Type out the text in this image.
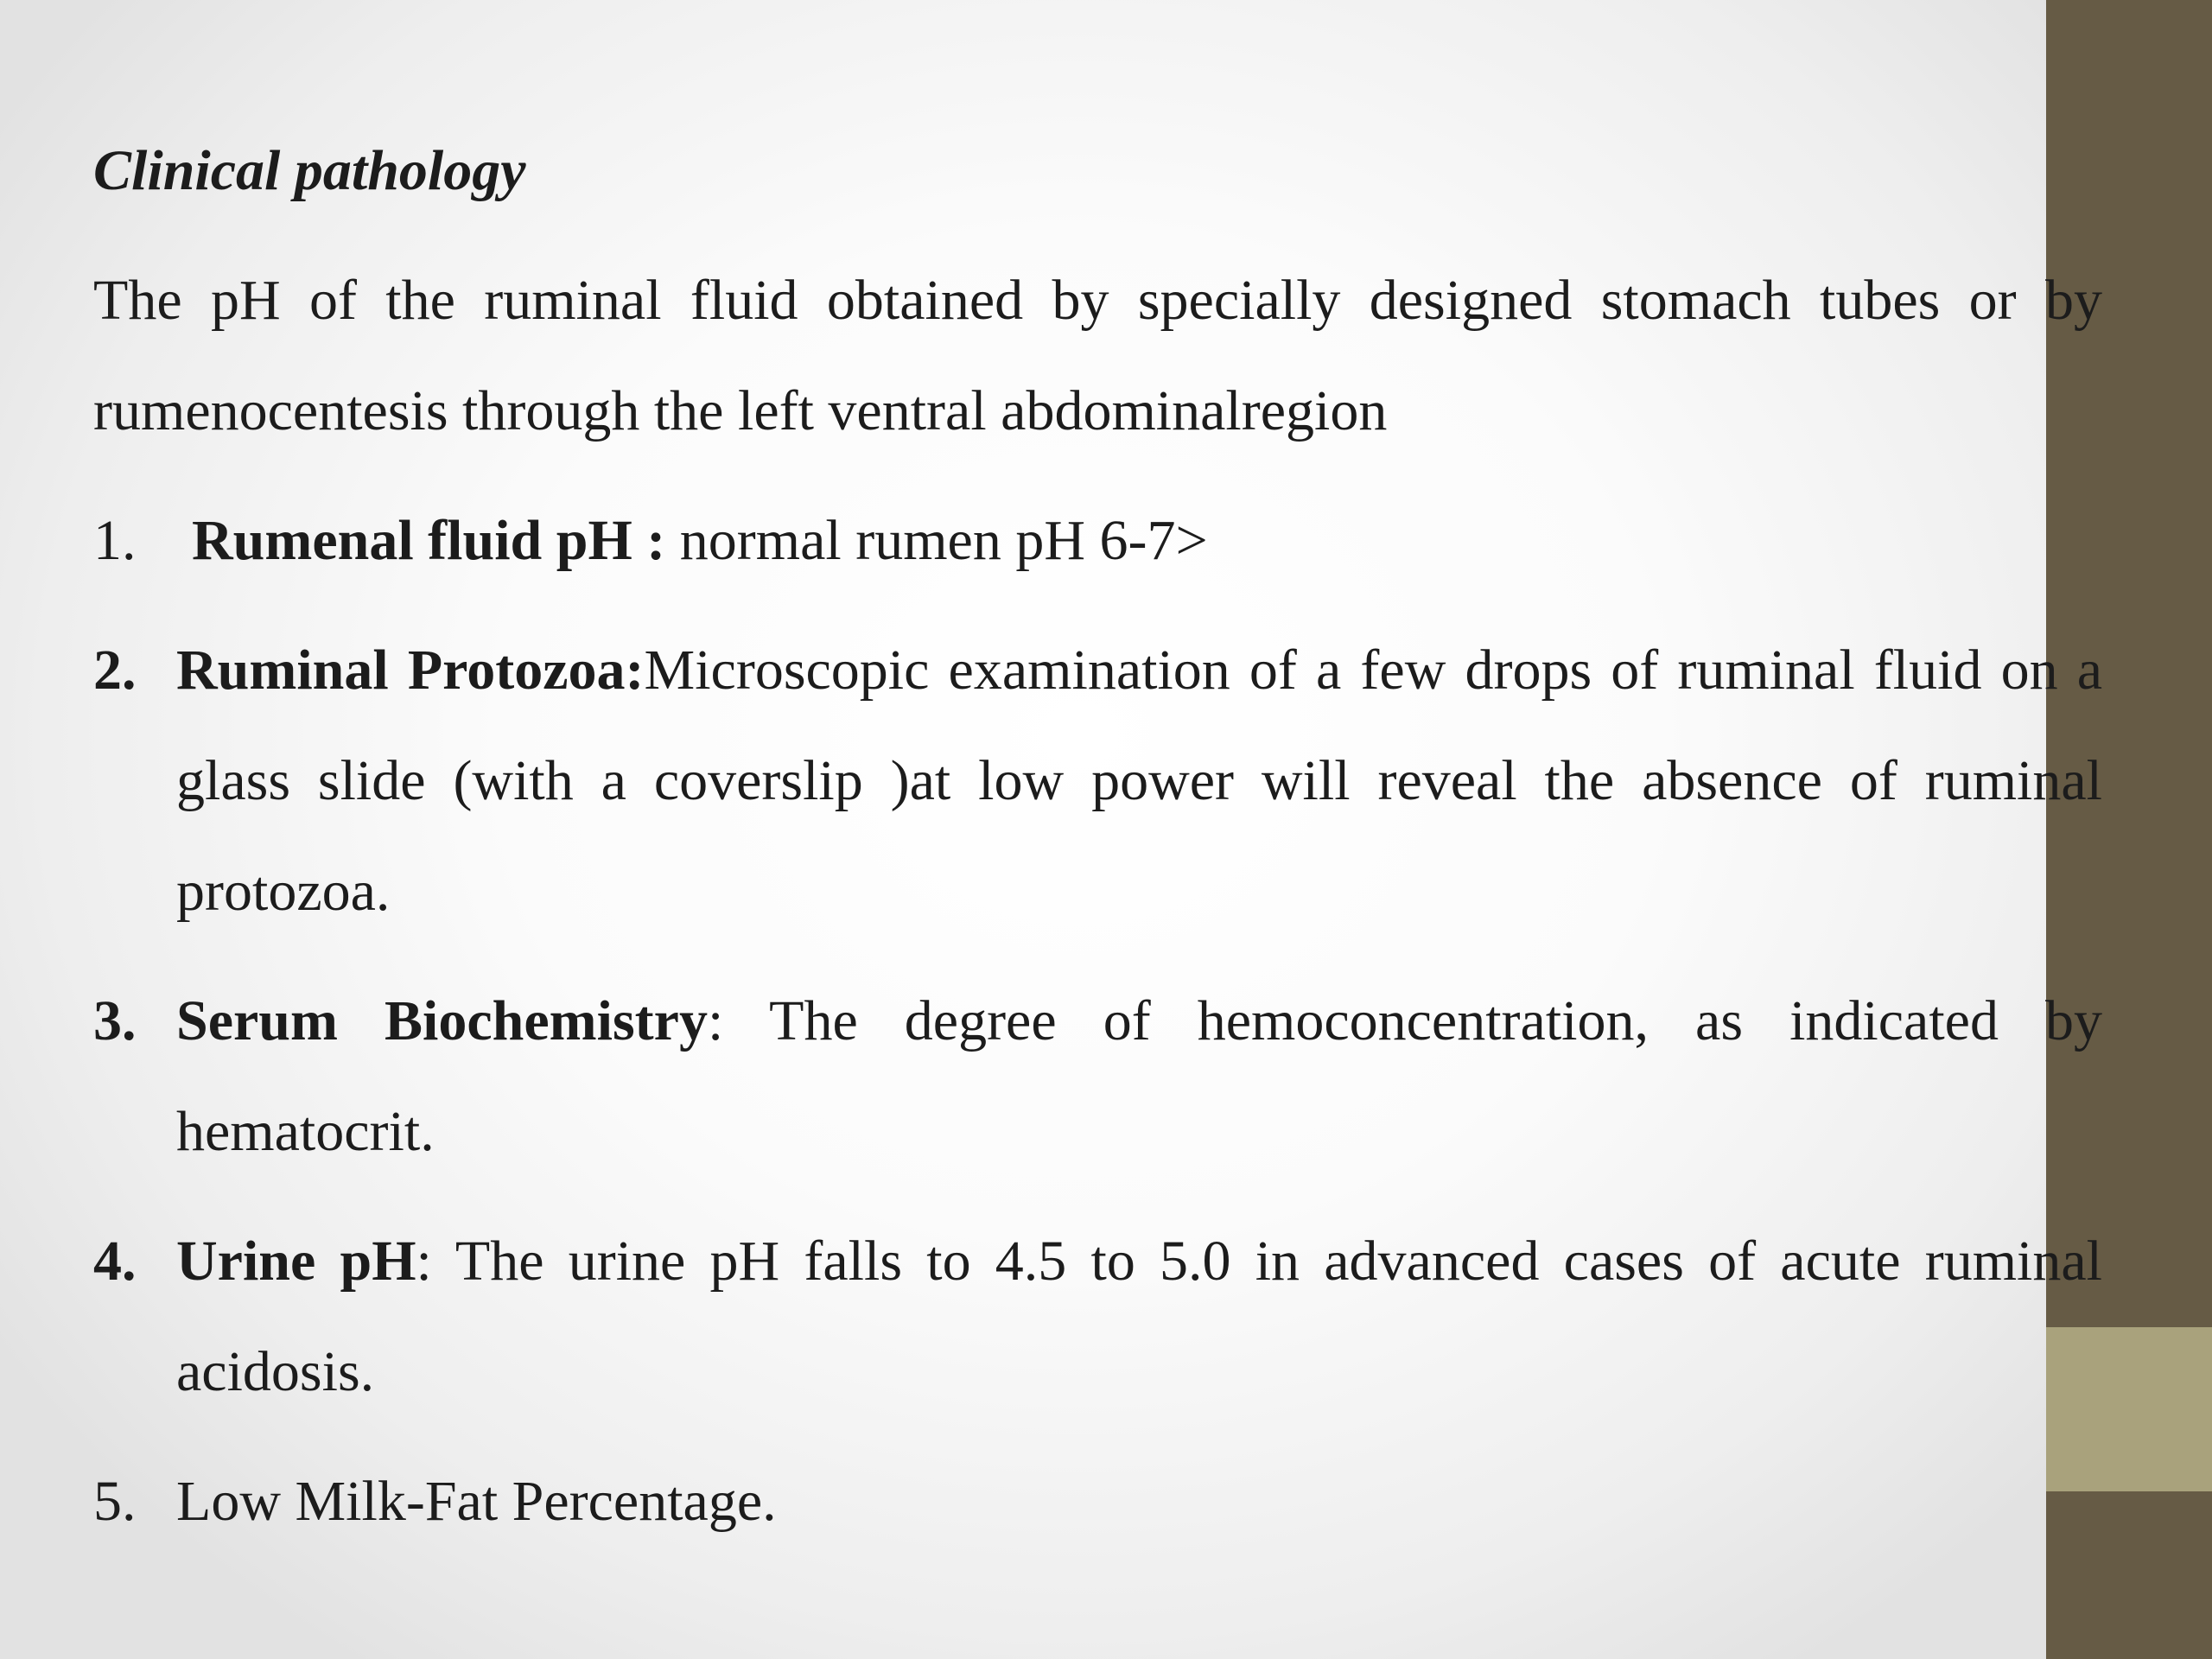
Clinical pathology
The pH of the ruminal fluid obtained by specially designed stomach tubes or by rumenocentesis through the left ventral abdominalregion
1. Rumenal fluid pH : normal rumen pH 6-7>
2. Ruminal Protozoa:Microscopic examination of a few drops of ruminal fluid on a glass slide (with a coverslip )at low power will reveal the absence of ruminal protozoa.
3. Serum Biochemistry: The degree of hemoconcentration, as indicated by hematocrit.
4. Urine pH: The urine pH falls to 4.5 to 5.0 in advanced cases of acute ruminal acidosis.
5. Low Milk-Fat Percentage.
